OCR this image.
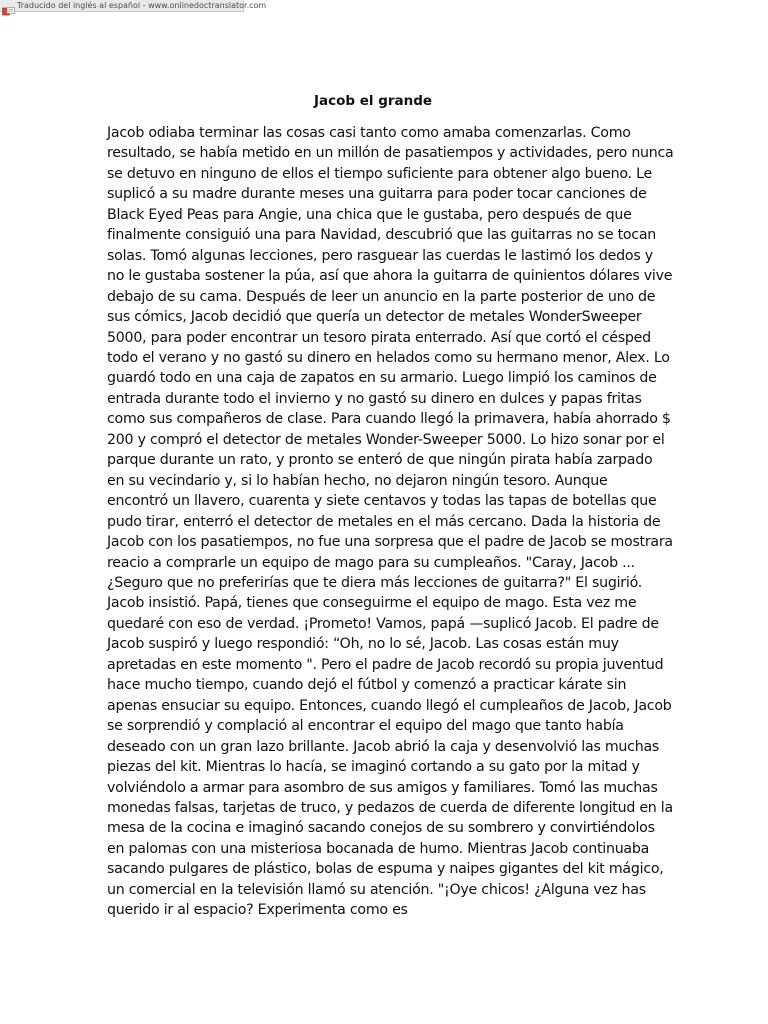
Traducido del inglés al español - www.onlinedoctranslator.com
Jacob el grande
Jacob odiaba terminar las cosas casi tanto como amaba comenzarlas. Como
resultado, se había metido en un millón de pasatiempos y actividades, pero nunca
se detuvo en ninguno de ellos el tiempo suficiente para obtener algo bueno. Le
suplicó a su madre durante meses una guitarra para poder tocar canciones de
Black Eyed Peas para Angie, una chica que le gustaba, pero después de que
finalmente consiguió una para Navidad, descubrió que las guitarras no se tocan
solas. Tomó algunas lecciones, pero rasguear las cuerdas le lastimó los dedos y
no le gustaba sostener la púa, así que ahora la guitarra de quinientos dólares vive
debajo de su cama. Después de leer un anuncio en la parte posterior de uno de
sus cómics, Jacob decidió que quería un detector de metales WonderSweeper
5000, para poder encontrar un tesoro pirata enterrado. Así que cortó el césped
todo el verano y no gastó su dinero en helados como su hermano menor, Alex. Lo
guardó todo en una caja de zapatos en su armario. Luego limpió los caminos de
entrada durante todo el invierno y no gastó su dinero en dulces y papas fritas
como sus compañeros de clase. Para cuando llegó la primavera, había ahorrado $
200 y compró el detector de metales Wonder-Sweeper 5000. Lo hizo sonar por el
parque durante un rato, y pronto se enteró de que ningún pirata había zarpado
en su vecindario y, si lo habían hecho, no dejaron ningún tesoro. Aunque
encontró un llavero, cuarenta y siete centavos y todas las tapas de botellas que
pudo tirar, enterró el detector de metales en el más cercano. Dada la historia de
Jacob con los pasatiempos, no fue una sorpresa que el padre de Jacob se mostrara
reacio a comprarle un equipo de mago para su cumpleaños. "Caray, Jacob ...
¿Seguro que no preferirías que te diera más lecciones de guitarra?" El sugirió.
Jacob insistió. Papá, tienes que conseguirme el equipo de mago. Esta vez me
quedaré con eso de verdad. ¡Prometo! Vamos, papá —suplicó Jacob. El padre de
Jacob suspiró y luego respondió: “Oh, no lo sé, Jacob. Las cosas están muy
apretadas en este momento ". Pero el padre de Jacob recordó su propia juventud
hace mucho tiempo, cuando dejó el fútbol y comenzó a practicar kárate sin
apenas ensuciar su equipo. Entonces, cuando llegó el cumpleaños de Jacob, Jacob
se sorprendió y complació al encontrar el equipo del mago que tanto había
deseado con un gran lazo brillante. Jacob abrió la caja y desenvolvió las muchas
piezas del kit. Mientras lo hacía, se imaginó cortando a su gato por la mitad y
volviéndolo a armar para asombro de sus amigos y familiares. Tomó las muchas
monedas falsas, tarjetas de truco, y pedazos de cuerda de diferente longitud en la
mesa de la cocina e imaginó sacando conejos de su sombrero y convirtiéndolos
en palomas con una misteriosa bocanada de humo. Mientras Jacob continuaba
sacando pulgares de plástico, bolas de espuma y naipes gigantes del kit mágico,
un comercial en la televisión llamó su atención. "¡Oye chicos! ¿Alguna vez has
querido ir al espacio? Experimenta como es
